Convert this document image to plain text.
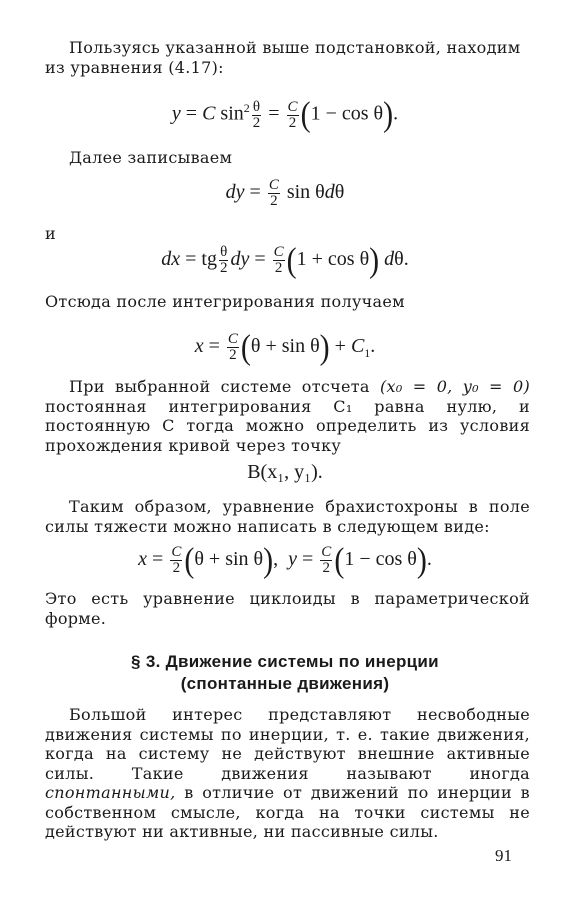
Пользуясь указанной выше подстановкой, находим
из уравнения (4.17):

y = C $\sin^2 \frac{\theta}{2} = \frac{C}{2} (1 - \cos \theta)$.

Далее записываем

dy = $\frac{C}{2}$ sin θdθ

и

dx = tg $\frac{\theta}{2}$ dy = $\frac{C}{2} (1 + \cos \theta)$ dθ.

Отсюда после интегрирования получаем

$x = \frac{C}{2} (\theta + \sin \theta) + C_1$.

При выбранной системе отсчета (x₀ = 0, y₀ = 0) постоянная интегрирования C₁ равна нулю, и постоянную C тогда можно определить из условия прохождения кривой через точку

B(x₁, y₁).

Таким образом, уравнение брахистохроны в поле силы тяжести можно написать в следующем виде:

$x = \frac{C}{2} (\theta + \sin \theta)$,  $y = \frac{C}{2} (1 - \cos \theta)$.

Это есть уравнение циклоиды в параметрической форме.

§ 3. Движение системы по инерции
(спонтанные движения)

Большой интерес представляют несвободные движения системы по инерции, т. е. такие движения, когда на систему не действуют внешние активные силы. Такие движения называют иногда спонтанными, в отличие от движений по инерции в собственном смысле, когда на точки системы не действуют ни активные, ни пассивные силы.

91
